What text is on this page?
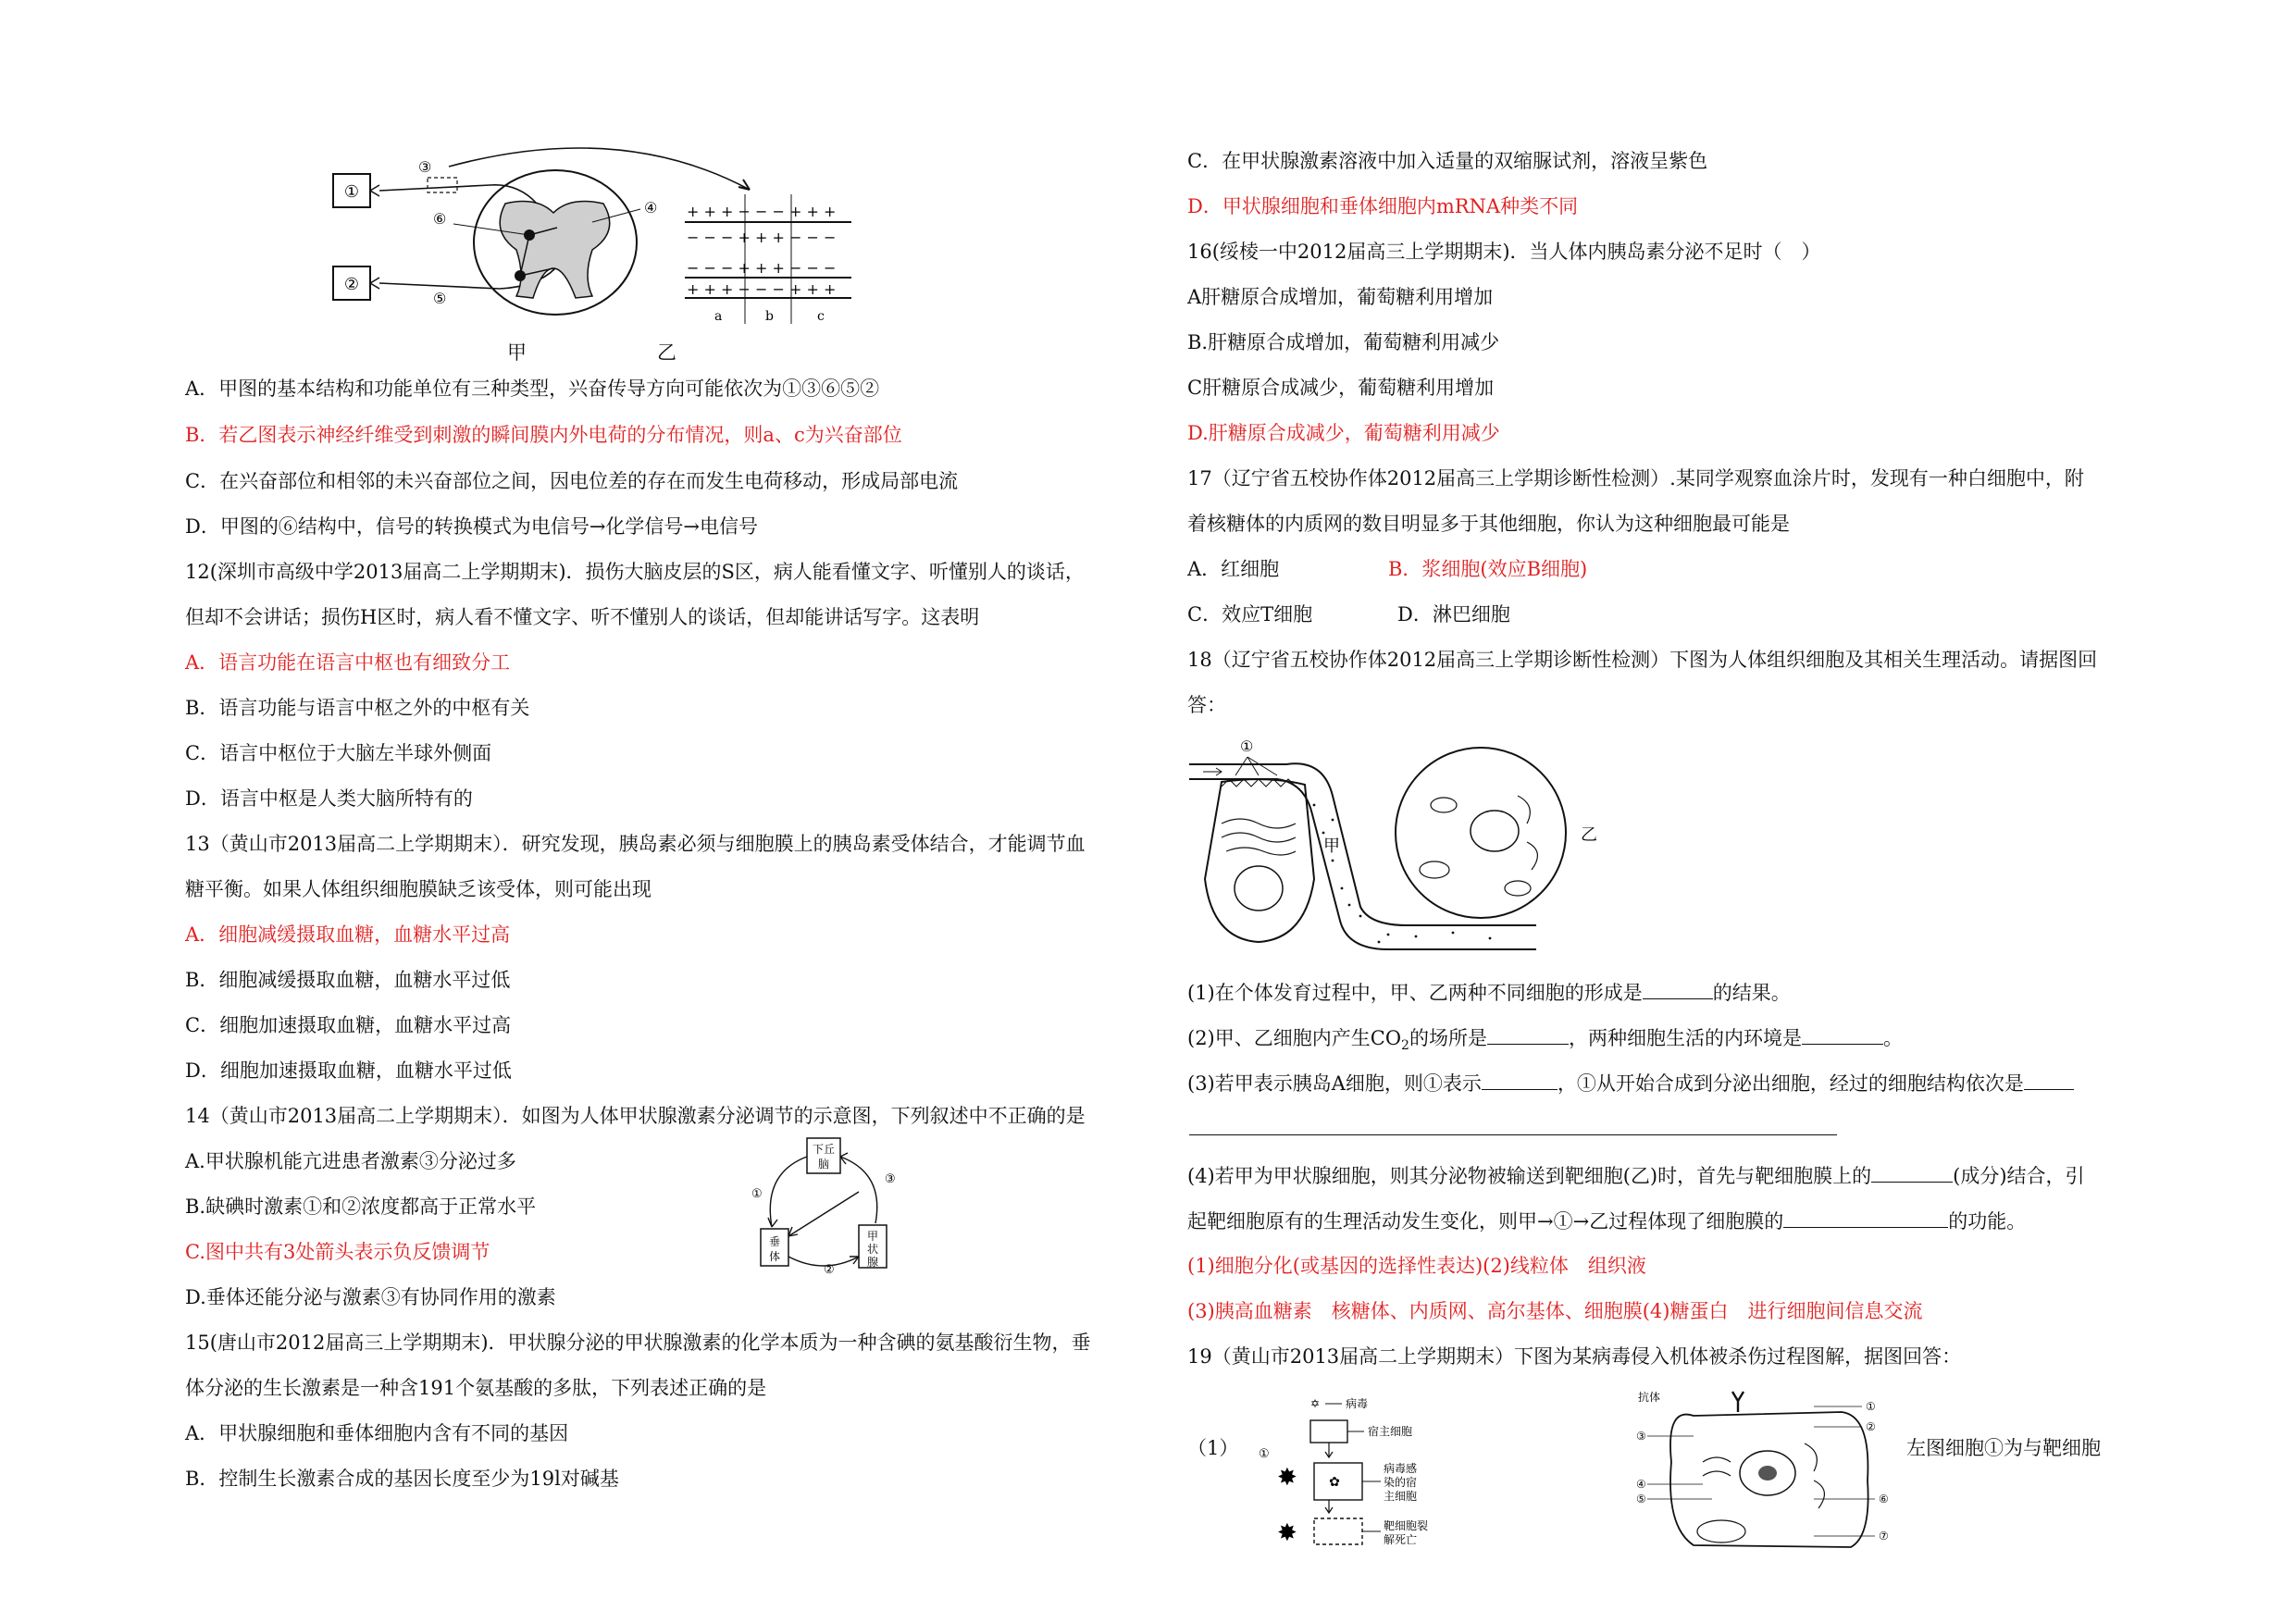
①
②
③
⑤
⑥
④ + + + − − − + + +
− − − + + + − − −
− − − + + + − − −
+ + + − − − + + +
a	b	c
甲	乙
A．甲图的基本结构和功能单位有三种类型，兴奋传导方向可能依次为①③⑥⑤②
B．若乙图表示神经纤维受到刺激的瞬间膜内外电荷的分布情况，则a、c为兴奋部位
C．在兴奋部位和相邻的未兴奋部位之间，因电位差的存在而发生电荷移动，形成局部电流
D．甲图的⑥结构中，信号的转换模式为电信号→化学信号→电信号
12(深圳市高级中学2013届高二上学期期末)．损伤大脑皮层的S区，病人能看懂文字、听懂别人的谈话，
但却不会讲话；损伤H区时，病人看不懂文字、听不懂别人的谈话，但却能讲话写字。这表明
A．语言功能在语言中枢也有细致分工
B．语言功能与语言中枢之外的中枢有关
C．语言中枢位于大脑左半球外侧面
D．语言中枢是人类大脑所特有的
13（黄山市2013届高二上学期期末）．研究发现，胰岛素必须与细胞膜上的胰岛素受体结合，才能调节血
糖平衡。如果人体组织细胞膜缺乏该受体，则可能出现
A．细胞减缓摄取血糖，血糖水平过高
B．细胞减缓摄取血糖，血糖水平过低
C．细胞加速摄取血糖，血糖水平过高
D．细胞加速摄取血糖，血糖水平过低
14（黄山市2013届高二上学期期末）．如图为人体甲状腺激素分泌调节的示意图，下列叙述中不正确的是
A.甲状腺机能亢进患者激素③分泌过多
B.缺碘时激素①和②浓度都高于正常水平
C.图中共有3处箭头表示负反馈调节
D.垂体还能分泌与激素③有协同作用的激素
下丘
脑
垂
体
甲
状
腺
①
②
③
15(唐山市2012届高三上学期期末)．甲状腺分泌的甲状腺激素的化学本质为一种含碘的氨基酸衍生物，垂
体分泌的生长激素是一种含191个氨基酸的多肽，下列表述正确的是
A．甲状腺细胞和垂体细胞内含有不同的基因
B．控制生长激素合成的基因长度至少为19l对碱基
C．在甲状腺激素溶液中加入适量的双缩脲试剂，溶液呈紫色
D．甲状腺细胞和垂体细胞内mRNA种类不同
16(绥棱一中2012届高三上学期期末)．当人体内胰岛素分泌不足时（　）
A肝糖原合成增加，葡萄糖利用增加
B.肝糖原合成增加，葡萄糖利用减少
C肝糖原合成减少，葡萄糖利用增加
D.肝糖原合成减少，葡萄糖利用减少
17（辽宁省五校协作体2012届高三上学期诊断性检测）.某同学观察血涂片时，发现有一种白细胞中，附
着核糖体的内质网的数目明显多于其他细胞，你认为这种细胞最可能是
A．红细胞	B．浆细胞(效应B细胞)
C．效应T细胞	D．淋巴细胞
18（辽宁省五校协作体2012届高三上学期诊断性检测）下图为人体组织细胞及其相关生理活动。请据图回
答：
①
甲
乙
(1)在个体发育过程中，甲、乙两种不同细胞的形成是	的结果。
(2)甲、乙细胞内产生$CO_2$的场所是	，两种细胞生活的内环境是	。
(3)若甲表示胰岛A细胞，则①表示	，①从开始合成到分泌出细胞，经过的细胞结构依次是
(4)若甲为甲状腺细胞，则其分泌物被输送到靶细胞(乙)时，首先与靶细胞膜上的	(成分)结合，引
起靶细胞原有的生理活动发生变化，则甲→①→乙过程体现了细胞膜的	的功能。
(1)细胞分化(或基因的选择性表达)(2)线粒体　组织液
(3)胰高血糖素　核糖体、内质网、高尔基体、细胞膜(4)糖蛋白　进行细胞间信息交流
19（黄山市2013届高二上学期期末）下图为某病毒侵入机体被杀伤过程图解，据图回答：
（1）	左图细胞①为与靶细胞
✡ 病毒
宿主细胞
①
✸ ✿
病毒感
染的宿
主细胞
✸	靶细胞裂
解死亡
抗体
①
②
③
④
⑤	⑥
⑦
